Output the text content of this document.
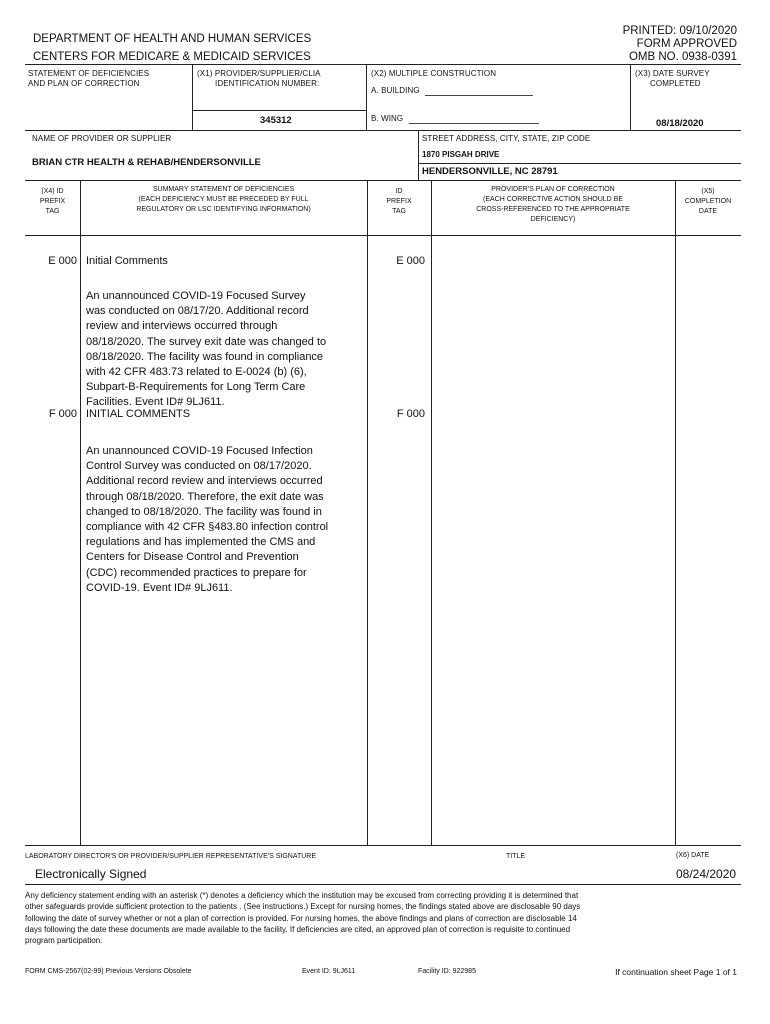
DEPARTMENT OF HEALTH AND HUMAN SERVICES
CENTERS FOR MEDICARE & MEDICAID SERVICES
PRINTED: 09/10/2020
FORM APPROVED
OMB NO. 0938-0391
STATEMENT OF DEFICIENCIES
AND PLAN OF CORRECTION
(X1) PROVIDER/SUPPLIER/CLIA
IDENTIFICATION NUMBER:
345312
(X2) MULTIPLE CONSTRUCTION
A. BUILDING
B. WING
(X3) DATE SURVEY
COMPLETED
08/18/2020
NAME OF PROVIDER OR SUPPLIER
BRIAN CTR HEALTH & REHAB/HENDERSONVILLE
STREET ADDRESS, CITY, STATE, ZIP CODE
1870 PISGAH DRIVE
HENDERSONVILLE, NC 28791
(X4) ID
PREFIX
TAG
SUMMARY STATEMENT OF DEFICIENCIES
(EACH DEFICIENCY MUST BE PRECEDED BY FULL
REGULATORY OR LSC IDENTIFYING INFORMATION)
ID
PREFIX
TAG
PROVIDER'S PLAN OF CORRECTION
(EACH CORRECTIVE ACTION SHOULD BE
CROSS-REFERENCED TO THE APPROPRIATE
DEFICIENCY)
(X5)
COMPLETION
DATE
E 000 Initial Comments	E 000
An unannounced COVID-19 Focused Survey
was conducted on 08/17/20. Additional record
review and interviews occurred through
08/18/2020. The survey exit date was changed to
08/18/2020. The facility was found in compliance
with 42 CFR 483.73 related to E-0024 (b) (6),
Subpart-B-Requirements for Long Term Care
Facilities. Event ID# 9LJ611.
F 000 INITIAL COMMENTS	F 000
An unannounced COVID-19 Focused Infection
Control Survey was conducted on 08/17/2020.
Additional record review and interviews occurred
through 08/18/2020. Therefore, the exit date was
changed to 08/18/2020. The facility was found in
compliance with 42 CFR §483.80 infection control
regulations and has implemented the CMS and
Centers for Disease Control and Prevention
(CDC) recommended practices to prepare for
COVID-19. Event ID# 9LJ611.
LABORATORY DIRECTOR'S OR PROVIDER/SUPPLIER REPRESENTATIVE'S SIGNATURE	TITLE	(X6) DATE
Electronically Signed	08/24/2020
Any deficiency statement ending with an asterisk (*) denotes a deficiency which the institution may be excused from correcting providing it is determined that
other safeguards provide sufficient protection to the patients . (See instructions.) Except for nursing homes, the findings stated above are disclosable 90 days
following the date of survey whether or not a plan of correction is provided. For nursing homes, the above findings and plans of correction are disclosable 14
days following the date these documents are made available to the facility. If deficiencies are cited, an approved plan of correction is requisite to continued
program participation.
FORM CMS-2567(02-99) Previous Versions Obsolete	Event ID: 9LJ611	Facility ID: 922985	If continuation sheet Page 1 of 1
